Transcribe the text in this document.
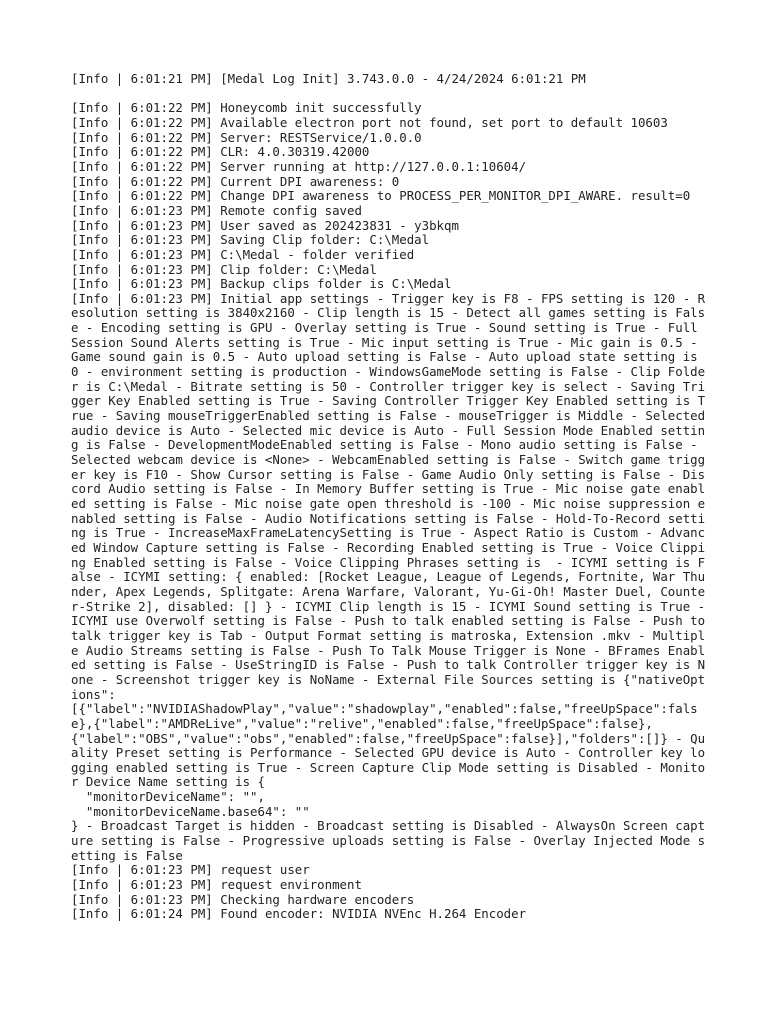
[Info | 6:01:21 PM] [Medal Log Init] 3.743.0.0 - 4/24/2024 6:01:21 PM
[Info | 6:01:22 PM] Honeycomb init successfully
[Info | 6:01:22 PM] Available electron port not found, set port to default 10603
[Info | 6:01:22 PM] Server: RESTService/1.0.0.0
[Info | 6:01:22 PM] CLR: 4.0.30319.42000
[Info | 6:01:22 PM] Server running at http://127.0.0.1:10604/
[Info | 6:01:22 PM] Current DPI awareness: 0
[Info | 6:01:22 PM] Change DPI awareness to PROCESS_PER_MONITOR_DPI_AWARE. result=0
[Info | 6:01:23 PM] Remote config saved
[Info | 6:01:23 PM] User saved as 202423831 - y3bkqm
[Info | 6:01:23 PM] Saving Clip folder: C:\Medal
[Info | 6:01:23 PM] C:\Medal - folder verified
[Info | 6:01:23 PM] Clip folder: C:\Medal
[Info | 6:01:23 PM] Backup clips folder is C:\Medal
[Info | 6:01:23 PM] Initial app settings - Trigger key is F8 - FPS setting is 120 - Resolution setting is 3840x2160 - Clip length is 15 - Detect all games setting is False - Encoding setting is GPU - Overlay setting is True - Sound setting is True - Full Session Sound Alerts setting is True - Mic input setting is True - Mic gain is 0.5 - Game sound gain is 0.5 - Auto upload setting is False - Auto upload state setting is 0 - environment setting is production - WindowsGameMode setting is False - Clip Folder is C:\Medal - Bitrate setting is 50 - Controller trigger key is select - Saving Trigger Key Enabled setting is True - Saving Controller Trigger Key Enabled setting is True - Saving mouseTriggerEnabled setting is False - mouseTrigger is Middle - Selected audio device is Auto - Selected mic device is Auto - Full Session Mode Enabled setting is False - DevelopmentModeEnabled setting is False - Mono audio setting is False - Selected webcam device is <None> - WebcamEnabled setting is False - Switch game trigger key is F10 - Show Cursor setting is False - Game Audio Only setting is False - Discord Audio setting is False - In Memory Buffer setting is True - Mic noise gate enabled setting is False - Mic noise gate open threshold is -100 - Mic noise suppression enabled setting is False - Audio Notifications setting is False - Hold-To-Record setting is True - IncreaseMaxFrameLatencySetting is True - Aspect Ratio is Custom - Advanced Window Capture setting is False - Recording Enabled setting is True - Voice Clipping Enabled setting is False - Voice Clipping Phrases setting is  - ICYMI setting is False - ICYMI setting: { enabled: [Rocket League, League of Legends, Fortnite, War Thunder, Apex Legends, Splitgate: Arena Warfare, Valorant, Yu-Gi-Oh! Master Duel, Counter-Strike 2], disabled: [] } - ICYMI Clip length is 15 - ICYMI Sound setting is True - ICYMI use Overwolf setting is False - Push to talk enabled setting is False - Push to talk trigger key is Tab - Output Format setting is matroska, Extension .mkv - Multiple Audio Streams setting is False - Push To Talk Mouse Trigger is None - BFrames Enabled setting is False - UseStringID is False - Push to talk Controller trigger key is None - Screenshot trigger key is NoName - External File Sources setting is {"nativeOptions":
[{"label":"NVIDIAShadowPlay","value":"shadowplay","enabled":false,"freeUpSpace":false},{"label":"AMDReLive","value":"relive","enabled":false,"freeUpSpace":false},
{"label":"OBS","value":"obs","enabled":false,"freeUpSpace":false}],"folders":[]} - Quality Preset setting is Performance - Selected GPU device is Auto - Controller key logging enabled setting is True - Screen Capture Clip Mode setting is Disabled - Monitor Device Name setting is {
"monitorDeviceName": "",
"monitorDeviceName.base64": ""
} - Broadcast Target is hidden - Broadcast setting is Disabled - AlwaysOn Screen capture setting is False - Progressive uploads setting is False - Overlay Injected Mode setting is False
[Info | 6:01:23 PM] request user
[Info | 6:01:23 PM] request environment
[Info | 6:01:23 PM] Checking hardware encoders
[Info | 6:01:24 PM] Found encoder: NVIDIA NVEnc H.264 Encoder
